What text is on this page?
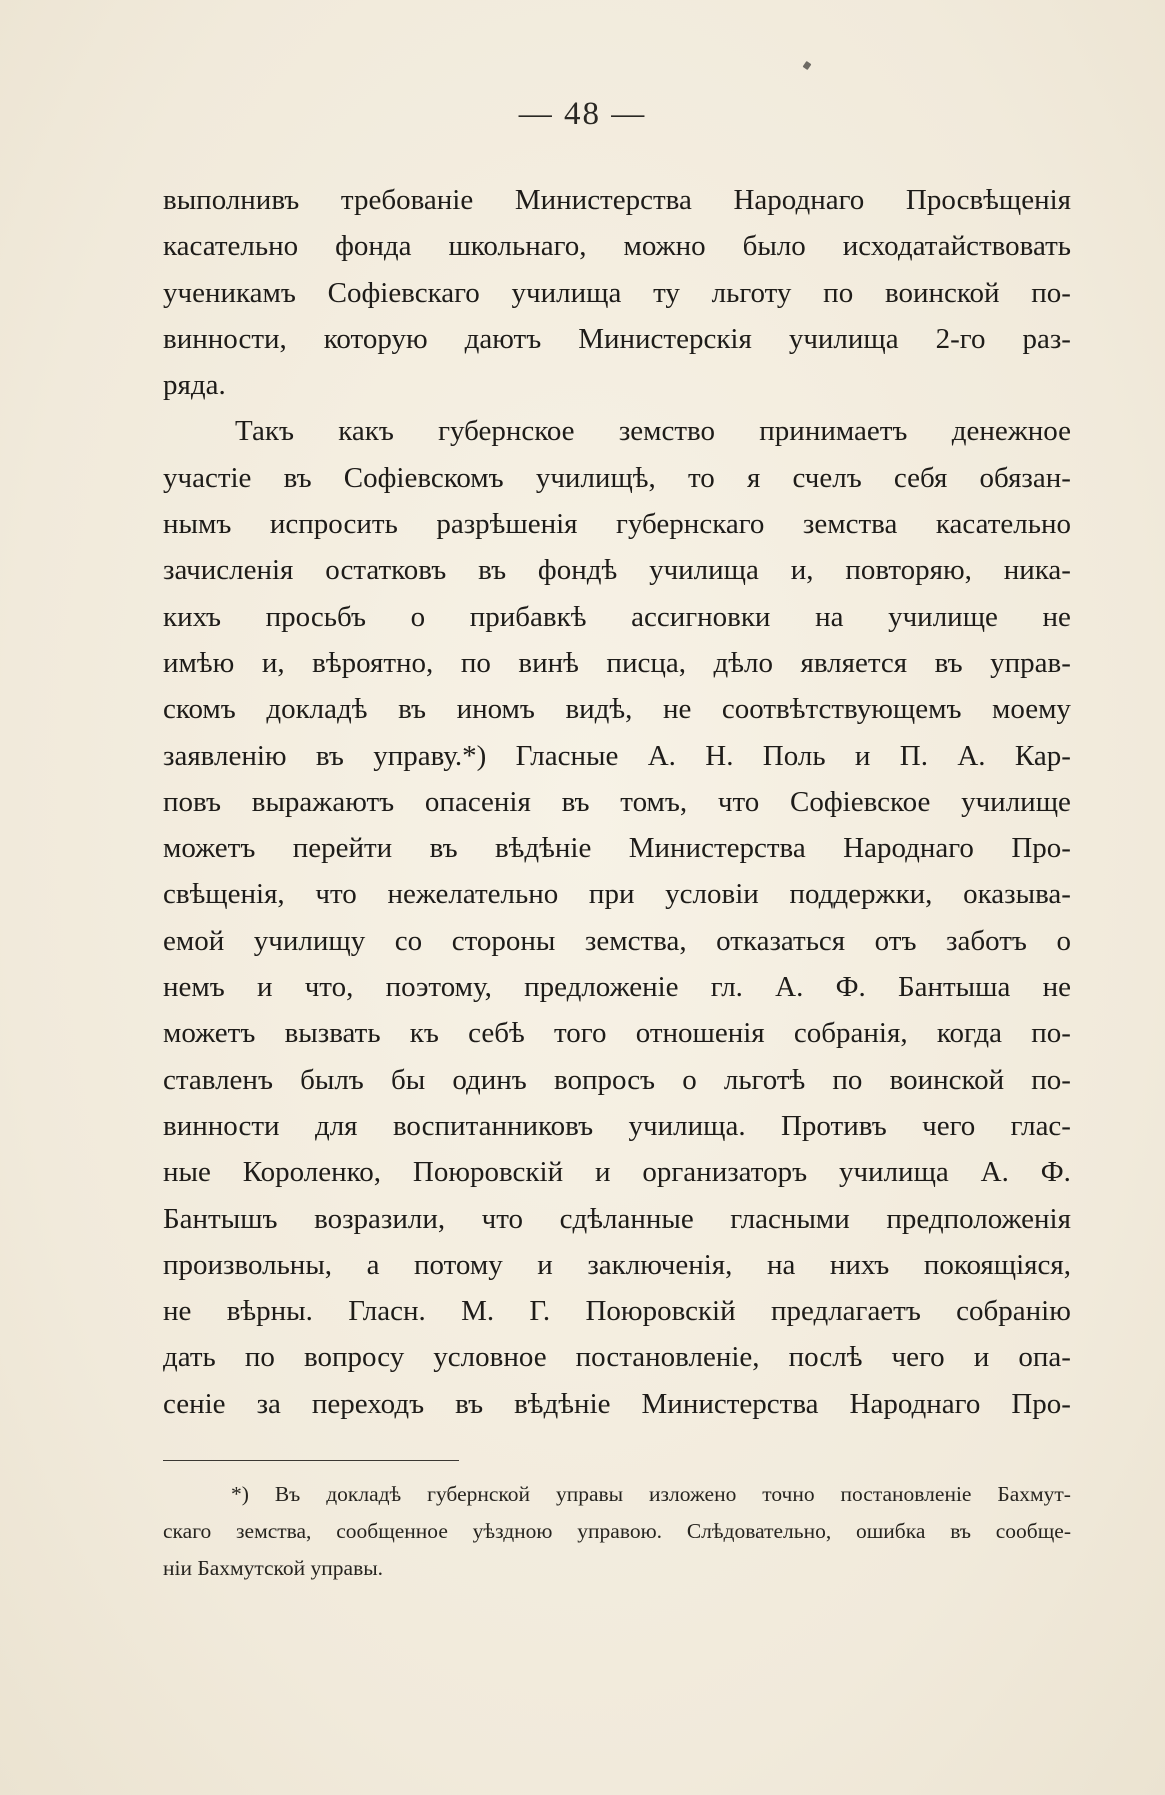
— 48 —
выполнивъ требованіе Министерства Народнаго Просвѣщенія
касательно фонда школьнаго, можно было исходатайствовать
ученикамъ Софіевскаго училища ту льготу по воинской по-
винности, которую даютъ Министерскія училища 2-го раз-
ряда.
Такъ какъ губернское земство принимаетъ денежное
участіе въ Софіевскомъ училищѣ, то я счелъ себя обязан-
нымъ испросить разрѣшенія губернскаго земства касательно
зачисленія остатковъ въ фондѣ училища и, повторяю, ника-
кихъ просьбъ о прибавкѣ ассигновки на училище не
имѣю и, вѣроятно, по винѣ писца, дѣло является въ управ-
скомъ докладѣ въ иномъ видѣ, не соотвѣтствующемъ моему
заявленію въ управу.*) Гласные А. Н. Поль и П. А. Кар-
повъ выражаютъ опасенія въ томъ, что Софіевское училище
можетъ перейти въ вѣдѣніе Министерства Народнаго Про-
свѣщенія, что нежелательно при условіи поддержки, оказыва-
емой училищу со стороны земства, отказаться отъ заботъ о
немъ и что, поэтому, предложеніе гл. А. Ф. Бантыша не
можетъ вызвать къ себѣ того отношенія собранія, когда по-
ставленъ былъ бы одинъ вопросъ о льготѣ по воинской по-
винности для воспитанниковъ училища. Противъ чего глас-
ные Короленко, Поюровскій и организаторъ училища А. Ф.
Бантышъ возразили, что сдѣланные гласными предположенія
произвольны, а потому и заключенія, на нихъ покоящіяся,
не вѣрны. Гласн. М. Г. Поюровскій предлагаетъ собранію
дать по вопросу условное постановленіе, послѣ чего и опа-
сеніе за переходъ въ вѣдѣніе Министерства Народнаго Про-
*) Въ докладѣ губернской управы изложено точно постановленіе Бахмут-
скаго земства, сообщенное уѣздною управою. Слѣдовательно, ошибка въ сообще-
ніи Бахмутской управы.
